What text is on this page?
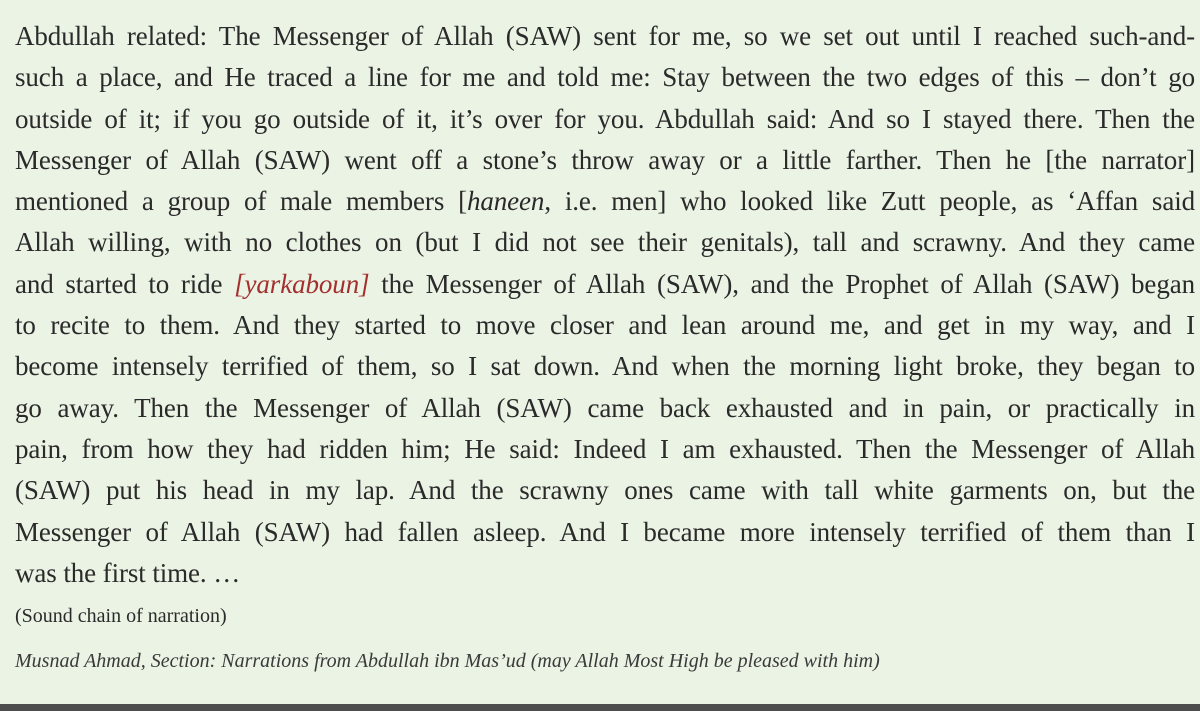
Abdullah related: The Messenger of Allah (SAW) sent for me, so we set out until I reached such-and-
such a place, and He traced a line for me and told me: Stay between the two edges of this – don’t go
outside of it; if you go outside of it, it’s over for you. Abdullah said: And so I stayed there. Then the
Messenger of Allah (SAW) went off a stone’s throw away or a little farther. Then he [the narrator]
mentioned a group of male members [haneen, i.e. men] who looked like Zutt people, as ‘Affan said
Allah willing, with no clothes on (but I did not see their genitals), tall and scrawny. And they came
and started to ride [yarkaboun] the Messenger of Allah (SAW), and the Prophet of Allah (SAW) began
to recite to them. And they started to move closer and lean around me, and get in my way, and I
become intensely terrified of them, so I sat down. And when the morning light broke, they began to
go away. Then the Messenger of Allah (SAW) came back exhausted and in pain, or practically in
pain, from how they had ridden him; He said: Indeed I am exhausted. Then the Messenger of Allah
(SAW) put his head in my lap. And the scrawny ones came with tall white garments on, but the
Messenger of Allah (SAW) had fallen asleep. And I became more intensely terrified of them than I
was the first time. …

(Sound chain of narration)

Musnad Ahmad, Section: Narrations from Abdullah ibn Mas’ud (may Allah Most High be pleased with him)
